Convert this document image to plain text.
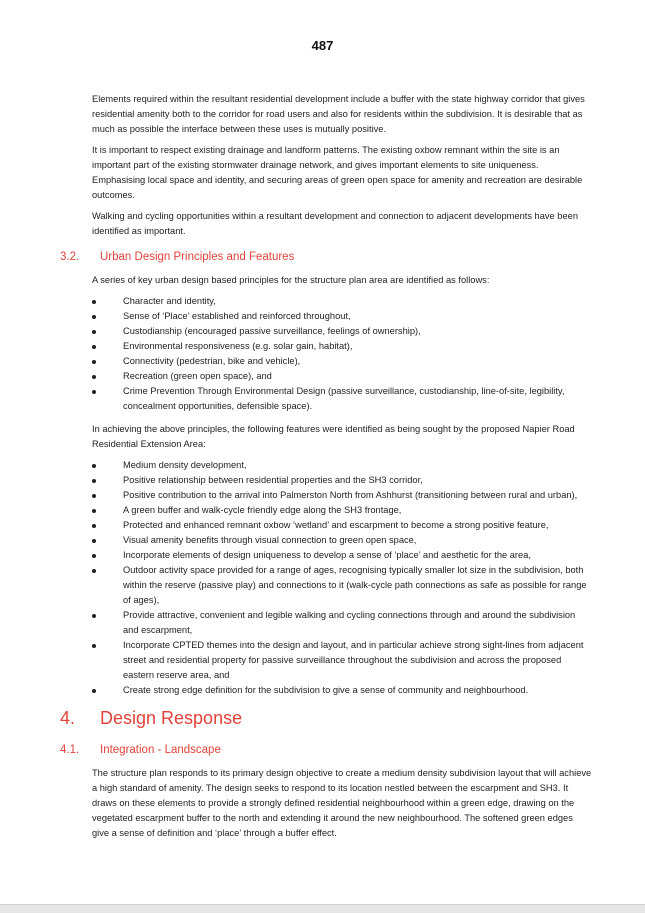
487

Elements required within the resultant residential development include a buffer with the state highway corridor that gives residential amenity both to the corridor for road users and also for residents within the subdivision. It is desirable that as much as possible the interface between these uses is mutually positive.

It is important to respect existing drainage and landform patterns. The existing oxbow remnant within the site is an important part of the existing stormwater drainage network, and gives important elements to site uniqueness. Emphasising local space and identity, and securing areas of green open space for amenity and recreation are desirable outcomes.

Walking and cycling opportunities within a resultant development and connection to adjacent developments have been identified as important.

3.2. Urban Design Principles and Features

A series of key urban design based principles for the structure plan area are identified as follows:

Character and identity,
Sense of ‘Place’ established and reinforced throughout,
Custodianship (encouraged passive surveillance, feelings of ownership),
Environmental responsiveness (e.g. solar gain, habitat),
Connectivity (pedestrian, bike and vehicle),
Recreation (green open space), and
Crime Prevention Through Environmental Design (passive surveillance, custodianship, line-of-site, legibility, concealment opportunities, defensible space).

In achieving the above principles, the following features were identified as being sought by the proposed Napier Road Residential Extension Area:

Medium density development,
Positive relationship between residential properties and the SH3 corridor,
Positive contribution to the arrival into Palmerston North from Ashhurst (transitioning between rural and urban),
A green buffer and walk-cycle friendly edge along the SH3 frontage,
Protected and enhanced remnant oxbow ‘wetland’ and escarpment to become a strong positive feature,
Visual amenity benefits through visual connection to green open space,
Incorporate elements of design uniqueness to develop a sense of ‘place’ and aesthetic for the area,
Outdoor activity space provided for a range of ages, recognising typically smaller lot size in the subdivision, both within the reserve (passive play) and connections to it (walk-cycle path connections as safe as possible for range of ages),
Provide attractive, convenient and legible walking and cycling connections through and around the subdivision and escarpment,
Incorporate CPTED themes into the design and layout, and in particular achieve strong sight-lines from adjacent street and residential property for passive surveillance throughout the subdivision and across the proposed eastern reserve area, and
Create strong edge definition for the subdivision to give a sense of community and neighbourhood.
4. Design Response
4.1. Integration - Landscape

The structure plan responds to its primary design objective to create a medium density subdivision layout that will achieve a high standard of amenity. The design seeks to respond to its location nestled between the escarpment and SH3. It draws on these elements to provide a strongly defined residential neighbourhood within a green edge, drawing on the vegetated escarpment buffer to the north and extending it around the new neighbourhood. The softened green edges give a sense of definition and ‘place’ through a buffer effect.
